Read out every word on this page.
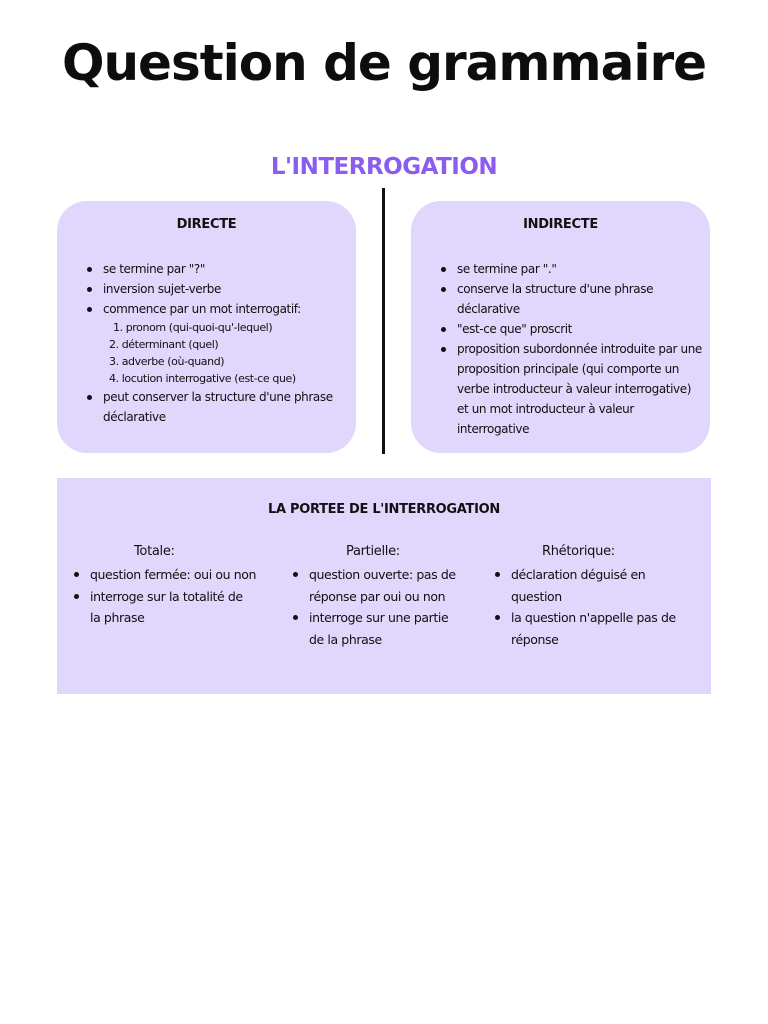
Question de grammaire
L'INTERROGATION
DIRECTE
se termine par "?"
inversion sujet-verbe
commence par un mot interrogatif:
1. pronom (qui-quoi-qu'-lequel)
2. déterminant (quel)
3. adverbe (où-quand)
4. locution interrogative (est-ce que)
peut conserver la structure d'une phrase déclarative
INDIRECTE
se termine par "."
conserve la structure d'une phrase déclarative
"est-ce que" proscrit
proposition subordonnée introduite par une proposition principale (qui comporte un verbe introducteur à valeur interrogative) et un mot introducteur à valeur interrogative
LA PORTEE DE L'INTERROGATION
Totale:
question fermée: oui ou non
interroge sur la totalité de la phrase
Partielle:
question ouverte: pas de réponse par oui ou non
interroge sur une partie de la phrase
Rhétorique:
déclaration déguisé en question
la question n'appelle pas de réponse
